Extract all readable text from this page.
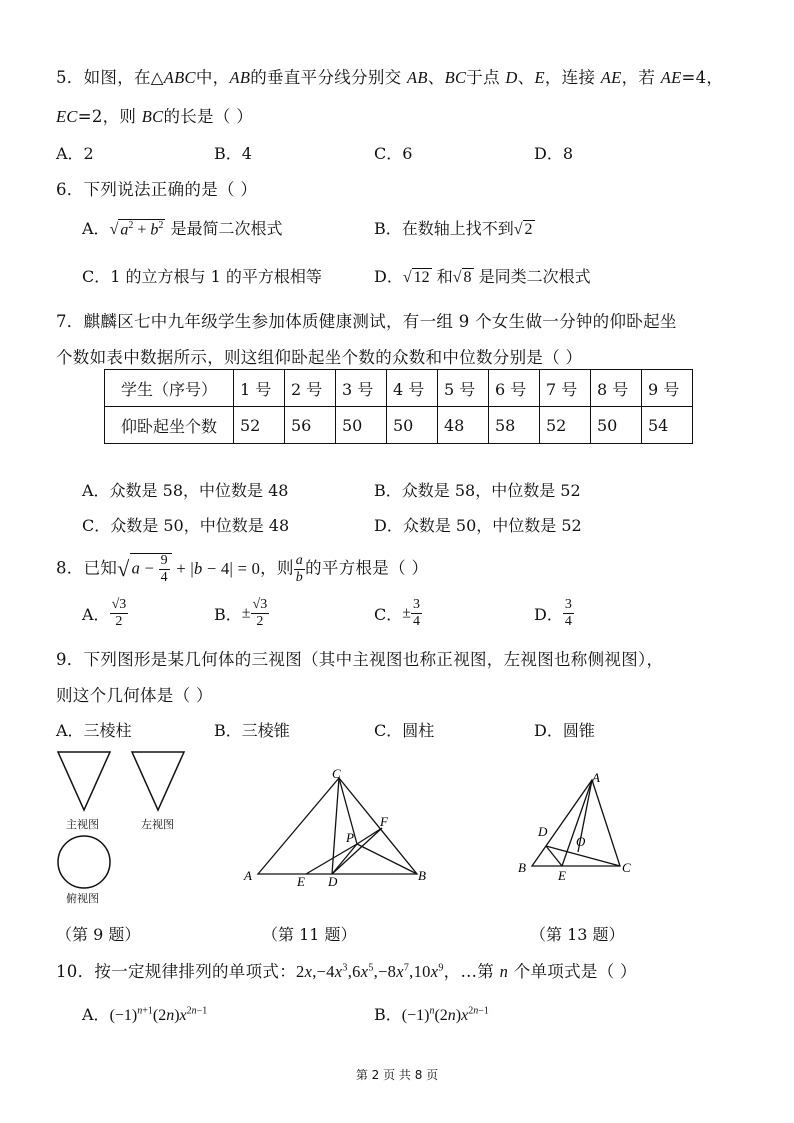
5．如图，在△ABC中，AB的垂直平分线分别交 AB、BC于点 D、E，连接 AE，若 AE=4，
EC=2，则 BC的长是（ ）
A．2	B．4	C．6	D．8
6．下列说法正确的是（ ）
A．√ $a^2 + b^2$ 是最简二次根式	B．在数轴上找不到√ 2
C．1 的立方根与 1 的平方根相等	D．√ 12 和√ 8 是同类二次根式
7．麒麟区七中九年级学生参加体质健康测试，有一组 9 个女生做一分钟的仰卧起坐
个数如表中数据所示，则这组仰卧起坐个数的众数和中位数分别是（ ）
学生（序号）	1 号	2 号	3 号	4 号	5 号	6 号	7 号	8 号	9 号
仰卧起坐个数	52	56	50	50	48	58	52	50	54
A．众数是 58，中位数是 48	B．众数是 58，中位数是 52
C．众数是 50，中位数是 48	D．众数是 50，中位数是 52
8．已知√ $a - \frac{9}{4} + |b - 4| = 0$，则 $\frac{a}{b}$ 的平方根是（ ）
A． $\frac{√3}{2}$	B．± $\frac{√3}{2}$	C．± $\frac{3}{4}$	D． $\frac{3}{4}$
9．下列图形是某几何体的三视图（其中主视图也称正视图，左视图也称侧视图），
则这个几何体是（ ）
A．三棱柱	B．三棱锥	C．圆柱	D．圆锥
主视图	左视图
俯视图
C
F
P
A	E D	B
A
D
O
B
E
C
（第 9 题）	（第 11 题）	（第 13 题）
10．按一定规律排列的单项式：$2x,-4x^3,6x^5,-8x^7,10x^9$，…第 n 个单项式是（ ）
A．$(-1)^{n+1}(2n)x^{2n-1}$	B．$(-1)^n(2n)x^{2n-1}$
第 2 页 共 8 页
